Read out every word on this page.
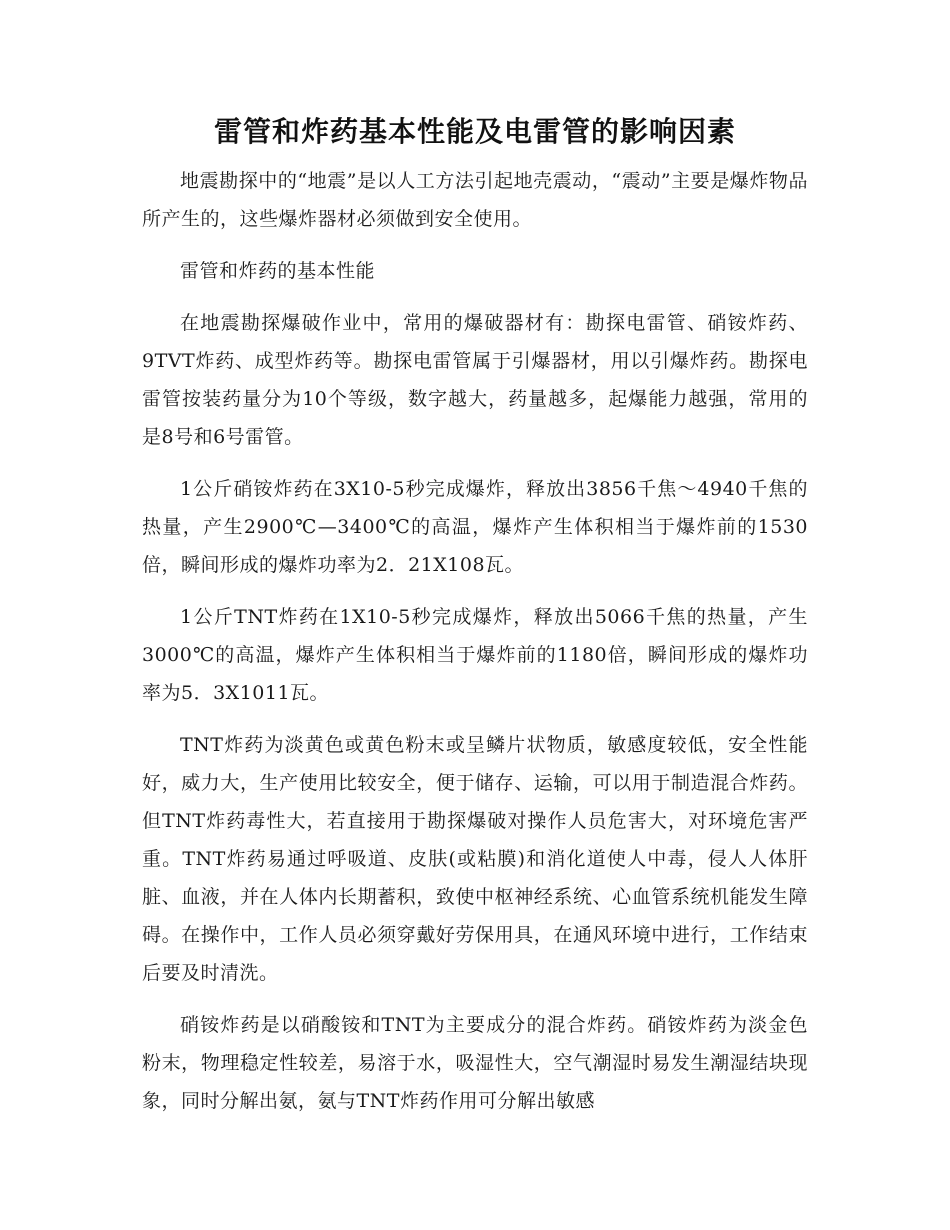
雷管和炸药基本性能及电雷管的影响因素

地震勘探中的“地震”是以人工方法引起地壳震动，“震动”主要是爆炸物品所产生的，这些爆炸器材必须做到安全使用。

雷管和炸药的基本性能

在地震勘探爆破作业中，常用的爆破器材有：勘探电雷管、硝铵炸药、9TVT炸药、成型炸药等。勘探电雷管属于引爆器材，用以引爆炸药。勘探电雷管按装药量分为10个等级，数字越大，药量越多，起爆能力越强，常用的是8号和6号雷管。

1公斤硝铵炸药在3X10-5秒完成爆炸，释放出3856千焦～4940千焦的热量，产生2900℃—3400℃的高温，爆炸产生体积相当于爆炸前的1530倍，瞬间形成的爆炸功率为2．21X108瓦。

1公斤TNT炸药在1X10-5秒完成爆炸，释放出5066千焦的热量，产生3000℃的高温，爆炸产生体积相当于爆炸前的1180倍，瞬间形成的爆炸功率为5．3X1011瓦。

TNT炸药为淡黄色或黄色粉末或呈鳞片状物质，敏感度较低，安全性能好，威力大，生产使用比较安全，便于储存、运输，可以用于制造混合炸药。但TNT炸药毒性大，若直接用于勘探爆破对操作人员危害大，对环境危害严重。TNT炸药易通过呼吸道、皮肤(或粘膜)和消化道使人中毒，侵人人体肝脏、血液，并在人体内长期蓄积，致使中枢神经系统、心血管系统机能发生障碍。在操作中，工作人员必须穿戴好劳保用具，在通风环境中进行，工作结束后要及时清洗。

硝铵炸药是以硝酸铵和TNT为主要成分的混合炸药。硝铵炸药为淡金色粉末，物理稳定性较差，易溶于水，吸湿性大，空气潮湿时易发生潮湿结块现象，同时分解出氨，氨与TNT炸药作用可分解出敏感
